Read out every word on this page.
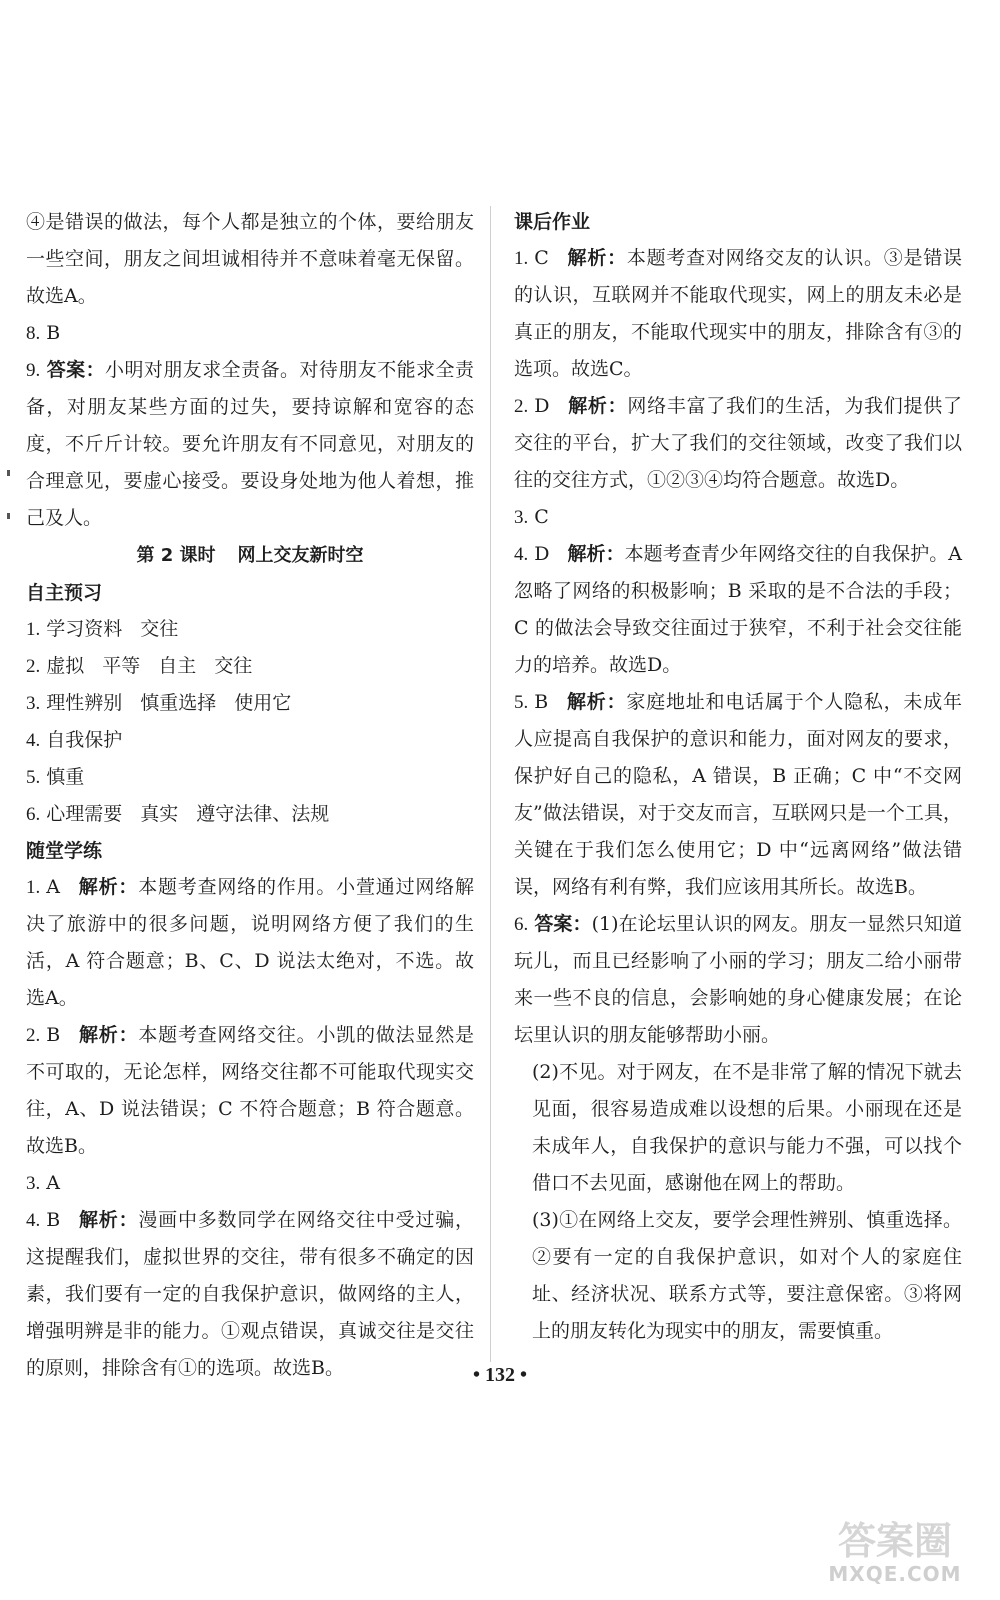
④是错误的做法，每个人都是独立的个体，要给朋友一些空间，朋友之间坦诚相待并不意味着毫无保留。故选A。

8. B

9. 答案：小明对朋友求全责备。对待朋友不能求全责备，对朋友某些方面的过失，要持谅解和宽容的态度，不斤斤计较。要允许朋友有不同意见，对朋友的合理意见，要虚心接受。要设身处地为他人着想，推己及人。

第 2 课时 网上交友新时空

自主预习

1. 学习资料 交往

2. 虚拟 平等 自主 交往

3. 理性辨别 慎重选择 使用它

4. 自我保护

5. 慎重

6. 心理需要 真实 遵守法律、法规

随堂学练

1. A 解析：本题考查网络的作用。小萱通过网络解决了旅游中的很多问题，说明网络方便了我们的生活，A 符合题意；B、C、D 说法太绝对，不选。故选A。

2. B 解析：本题考查网络交往。小凯的做法显然是不可取的，无论怎样，网络交往都不可能取代现实交往，A、D 说法错误；C 不符合题意；B 符合题意。故选B。

3. A

4. B 解析：漫画中多数同学在网络交往中受过骗，这提醒我们，虚拟世界的交往，带有很多不确定的因素，我们要有一定的自我保护意识，做网络的主人，增强明辨是非的能力。①观点错误，真诚交往是交往的原则，排除含有①的选项。故选B。

课后作业

1. C 解析：本题考查对网络交友的认识。③是错误的认识，互联网并不能取代现实，网上的朋友未必是真正的朋友，不能取代现实中的朋友，排除含有③的选项。故选C。

2. D 解析：网络丰富了我们的生活，为我们提供了交往的平台，扩大了我们的交往领域，改变了我们以往的交往方式，①②③④均符合题意。故选D。

3. C

4. D 解析：本题考查青少年网络交往的自我保护。A 忽略了网络的积极影响；B 采取的是不合法的手段；C 的做法会导致交往面过于狭窄，不利于社会交往能力的培养。故选D。

5. B 解析：家庭地址和电话属于个人隐私，未成年人应提高自我保护的意识和能力，面对网友的要求，保护好自己的隐私，A 错误，B 正确；C 中“不交网友”做法错误，对于交友而言，互联网只是一个工具，关键在于我们怎么使用它；D 中“远离网络”做法错误，网络有利有弊，我们应该用其所长。故选B。

6. 答案：(1)在论坛里认识的网友。朋友一显然只知道玩儿，而且已经影响了小丽的学习；朋友二给小丽带来一些不良的信息，会影响她的身心健康发展；在论坛里认识的朋友能够帮助小丽。

(2)不见。对于网友，在不是非常了解的情况下就去见面，很容易造成难以设想的后果。小丽现在还是未成年人，自我保护的意识与能力不强，可以找个借口不去见面，感谢他在网上的帮助。

(3)①在网络上交友，要学会理性辨别、慎重选择。②要有一定的自我保护意识，如对个人的家庭住址、经济状况、联系方式等，要注意保密。③将网上的朋友转化为现实中的朋友，需要慎重。

• 132 •
答案圈
MXQE.COM
